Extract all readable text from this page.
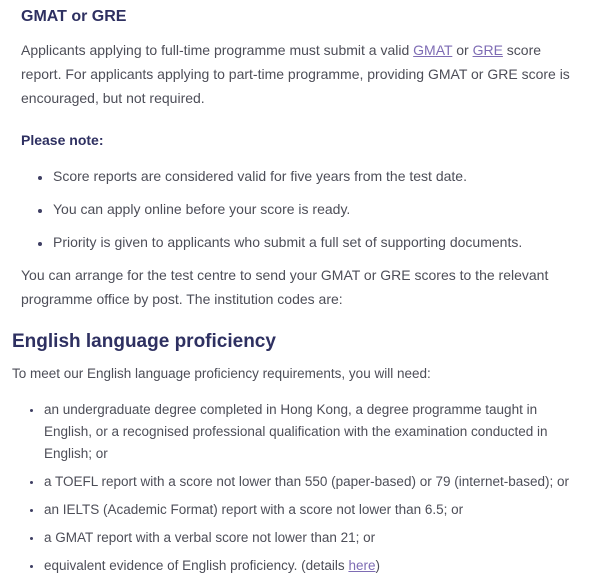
GMAT or GRE

Applicants applying to full-time programme must submit a valid GMAT or GRE score report. For applicants applying to part-time programme, providing GMAT or GRE score is encouraged, but not required.

Please note:

• Score reports are considered valid for five years from the test date.
• You can apply online before your score is ready.
• Priority is given to applicants who submit a full set of supporting documents.

You can arrange for the test centre to send your GMAT or GRE scores to the relevant programme office by post. The institution codes are:

English language proficiency

To meet our English language proficiency requirements, you will need:

• an undergraduate degree completed in Hong Kong, a degree programme taught in English, or a recognised professional qualification with the examination conducted in English; or
• a TOEFL report with a score not lower than 550 (paper-based) or 79 (internet-based); or
• an IELTS (Academic Format) report with a score not lower than 6.5; or
• a GMAT report with a verbal score not lower than 21; or
• equivalent evidence of English proficiency. (details here)
